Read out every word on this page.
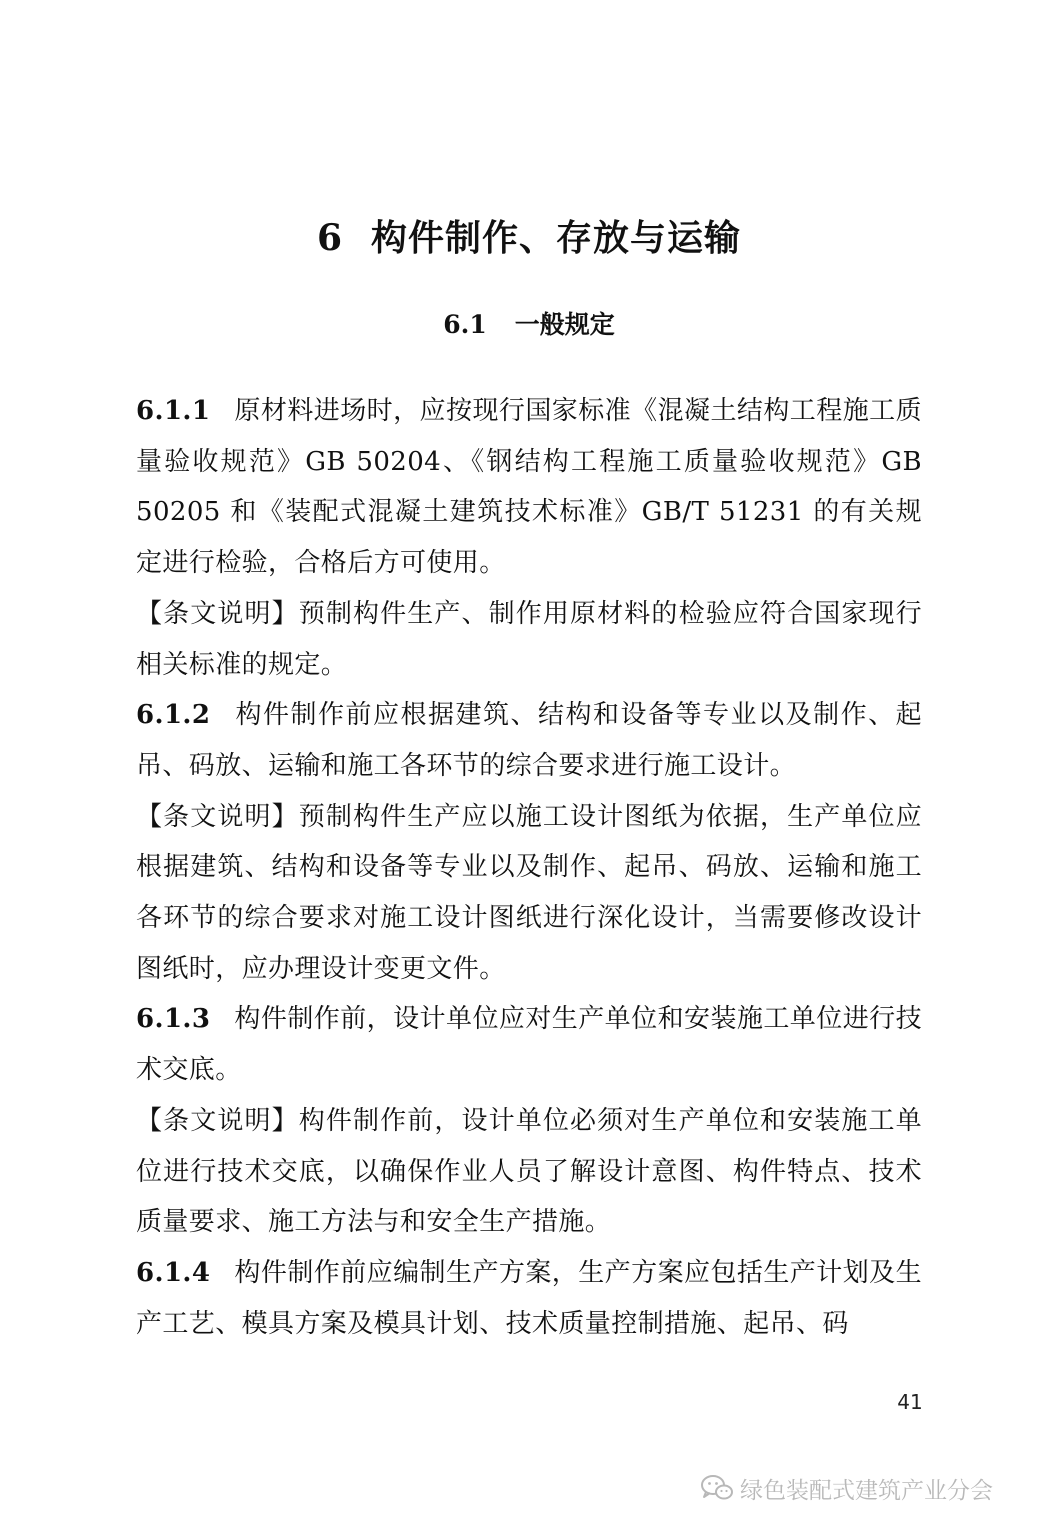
6 构件制作、存放与运输
6.1 一般规定

6.1.1 原材料进场时，应按现行国家标准《混凝土结构工程施工质量验收规范》GB 50204、《钢结构工程施工质量验收规范》GB 50205 和《装配式混凝土建筑技术标准》GB/T 51231 的有关规定进行检验，合格后方可使用。

【条文说明】预制构件生产、制作用原材料的检验应符合国家现行相关标准的规定。

6.1.2 构件制作前应根据建筑、结构和设备等专业以及制作、起吊、码放、运输和施工各环节的综合要求进行施工设计。

【条文说明】预制构件生产应以施工设计图纸为依据，生产单位应根据建筑、结构和设备等专业以及制作、起吊、码放、运输和施工各环节的综合要求对施工设计图纸进行深化设计，当需要修改设计图纸时，应办理设计变更文件。

6.1.3 构件制作前，设计单位应对生产单位和安装施工单位进行技术交底。

【条文说明】构件制作前，设计单位必须对生产单位和安装施工单位进行技术交底，以确保作业人员了解设计意图、构件特点、技术质量要求、施工方法与和安全生产措施。

6.1.4 构件制作前应编制生产方案，生产方案应包括生产计划及生产工艺、模具方案及模具计划、技术质量控制措施、起吊、码

41
绿色装配式建筑产业分会
